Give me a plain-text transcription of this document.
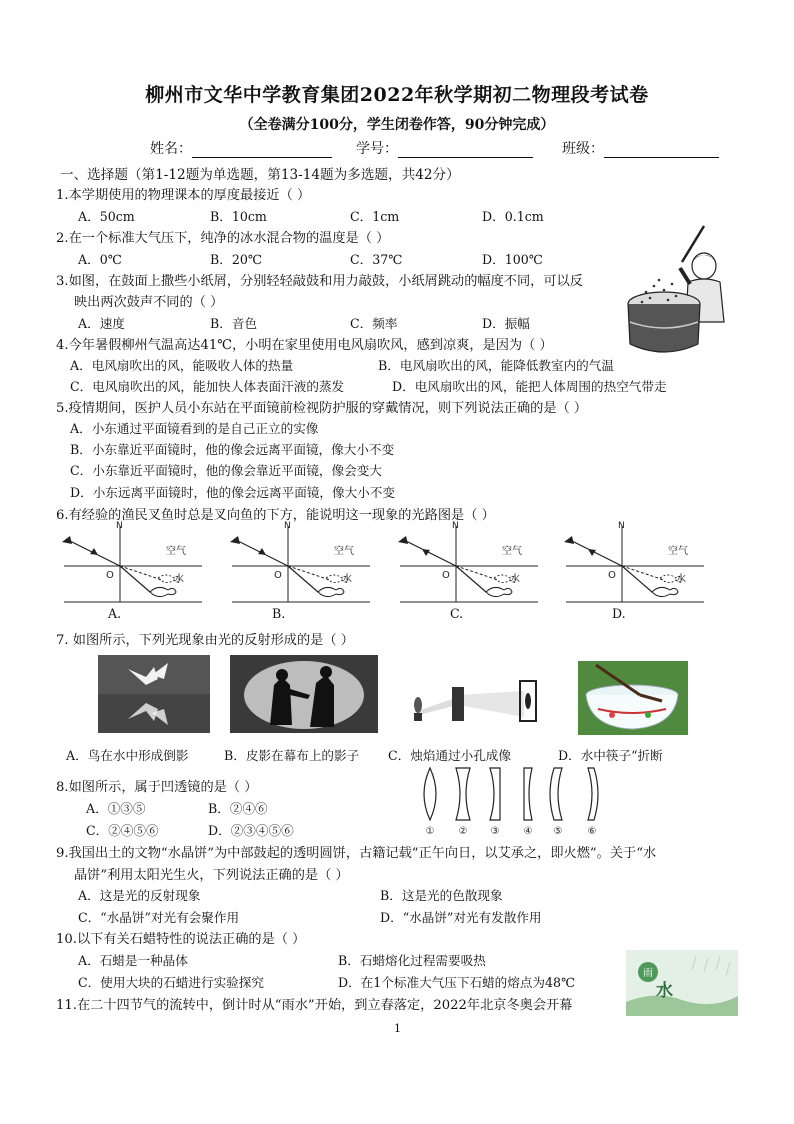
柳州市文华中学教育集团2022年秋学期初二物理段考试卷
（全卷满分100分，学生闭卷作答，90分钟完成）
姓名：	学号：	班级：
一、选择题（第1-12题为单选题，第13-14题为多选题，共42分）
1.本学期使用的物理课本的厚度最接近（ ）
A．50cm	B．10cm	C．1cm	D．0.1cm
2.在一个标准大气压下，纯净的冰水混合物的温度是（ ）
A．0℃	B．20℃	C．37℃	D．100℃
3.如图，在鼓面上撒些小纸屑，分别轻轻敲鼓和用力敲鼓，小纸屑跳动的幅度不同，可以反
映出两次鼓声不同的（ ）
A．速度	B．音色	C．频率	D．振幅
4.今年暑假柳州气温高达41℃，小明在家里使用电风扇吹风，感到凉爽，是因为（ ）
A．电风扇吹出的风，能吸收人体的热量	B．电风扇吹出的风，能降低教室内的气温
C．电风扇吹出的风，能加快人体表面汗液的蒸发	D．电风扇吹出的风，能把人体周围的热空气带走
5.疫情期间，医护人员小东站在平面镜前检视防护服的穿戴情况，则下列说法正确的是（ ）
A．小东通过平面镜看到的是自己正立的实像
B．小东靠近平面镜时，他的像会远离平面镜，像大小不变
C．小东靠近平面镜时，他的像会靠近平面镜，像会变大
D．小东远离平面镜时，他的像会远离平面镜，像大小不变
6.有经验的渔民叉鱼时总是叉向鱼的下方，能说明这一现象的光路图是（ ）
N
O
空气
水
N
O
空气
水
N
O
空气
水
N
O
空气
水
A.	B.	C.	D.
7. 如图所示，下列光现象由光的反射形成的是（ ）
A．鸟在水中形成倒影	B．皮影在幕布上的影子 C．烛焰通过小孔成像	D．水中筷子“折断
8.如图所示，属于凹透镜的是（ ）
A．①③⑤	B．②④⑥
C．②④⑤⑥	D．②③④⑤⑥	① ② ③ ④ ⑤	⑥
9.我国出土的文物“水晶饼”为中部鼓起的透明圆饼，古籍记载“正午向日，以艾承之，即火燃”。关于“水
晶饼”利用太阳光生火，下列说法正确的是（ ）
A．这是光的反射现象	B．这是光的色散现象
C．“水晶饼”对光有会聚作用	D．“水晶饼”对光有发散作用
10.以下有关石蜡特性的说法正确的是（ ）
A．石蜡是一种晶体	B．石蜡熔化过程需要吸热
C．使用大块的石蜡进行实验探究	D．在1个标准大气压下石蜡的熔点为48℃
雨
水
11.在二十四节气的流转中，倒计时从“雨水”开始，到立春落定，2022年北京冬奥会开幕
1
